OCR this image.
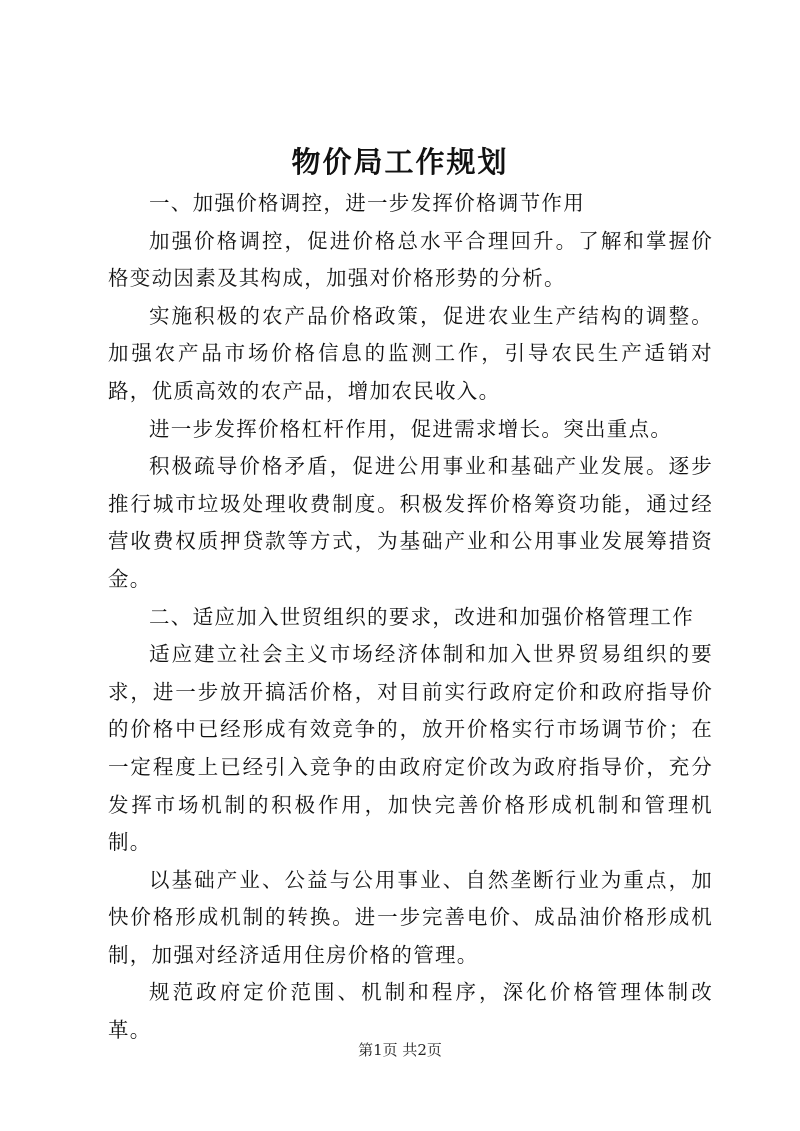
物价局工作规划

一、加强价格调控，进一步发挥价格调节作用

加强价格调控，促进价格总水平合理回升。了解和掌握价格变动因素及其构成，加强对价格形势的分析。

实施积极的农产品价格政策，促进农业生产结构的调整。加强农产品市场价格信息的监测工作，引导农民生产适销对路，优质高效的农产品，增加农民收入。

进一步发挥价格杠杆作用，促进需求增长。突出重点。

积极疏导价格矛盾，促进公用事业和基础产业发展。逐步推行城市垃圾处理收费制度。积极发挥价格筹资功能，通过经营收费权质押贷款等方式，为基础产业和公用事业发展筹措资金。

二、适应加入世贸组织的要求，改进和加强价格管理工作

适应建立社会主义市场经济体制和加入世界贸易组织的要求，进一步放开搞活价格，对目前实行政府定价和政府指导价的价格中已经形成有效竞争的，放开价格实行市场调节价；在一定程度上已经引入竞争的由政府定价改为政府指导价，充分发挥市场机制的积极作用，加快完善价格形成机制和管理机制。

以基础产业、公益与公用事业、自然垄断行业为重点，加快价格形成机制的转换。进一步完善电价、成品油价格形成机制，加强对经济适用住房价格的管理。

规范政府定价范围、机制和程序，深化价格管理体制改革。

第1页 共2页
